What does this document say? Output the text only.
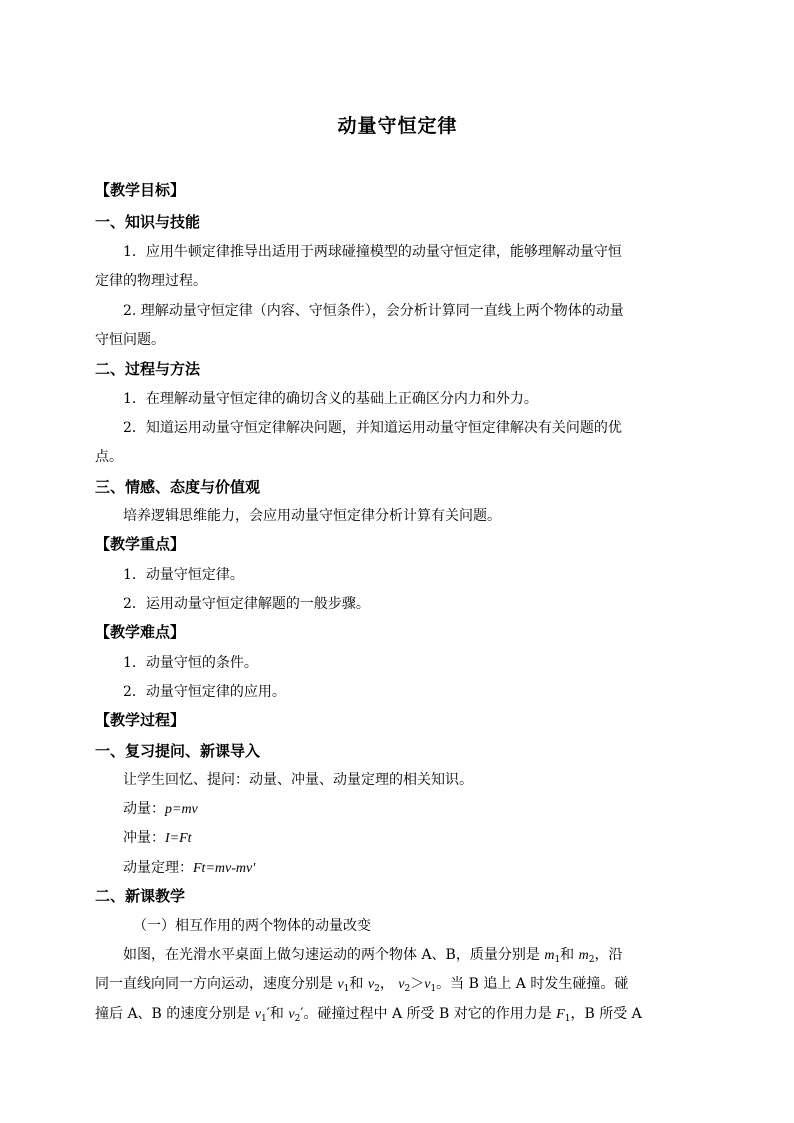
动量守恒定律
【教学目标】
一、知识与技能
1．应用牛顿定律推导出适用于两球碰撞模型的动量守恒定律，能够理解动量守恒
定律的物理过程。
2. 理解动量守恒定律（内容、守恒条件），会分析计算同一直线上两个物体的动量
守恒问题。
二、过程与方法
1．在理解动量守恒定律的确切含义的基础上正确区分内力和外力。
2．知道运用动量守恒定律解决问题，并知道运用动量守恒定律解决有关问题的优
点。
三、情感、态度与价值观
培养逻辑思维能力，会应用动量守恒定律分析计算有关问题。
【教学重点】
1．动量守恒定律。
2．运用动量守恒定律解题的一般步骤。
【教学难点】
1．动量守恒的条件。
2．动量守恒定律的应用。
【教学过程】
一、复习提问、新课导入
让学生回忆、提问：动量、冲量、动量定理的相关知识。
动量：p=mv
冲量：I=Ft
动量定理：Ft=mv-mv′
二、新课教学
（一）相互作用的两个物体的动量改变
如图，在光滑水平桌面上做匀速运动的两个物体 A、B，质量分别是 $m_1$和 $m_2$，沿
同一直线向同一方向运动，速度分别是 $v_1$和 $v_2$， $v_2>v_1$。当 B 追上 A 时发生碰撞。碰
撞后 A、B 的速度分别是 $v_1'$和 $v_2'$。碰撞过程中 A 所受 B 对它的作用力是 $F_1$，B 所受 A
